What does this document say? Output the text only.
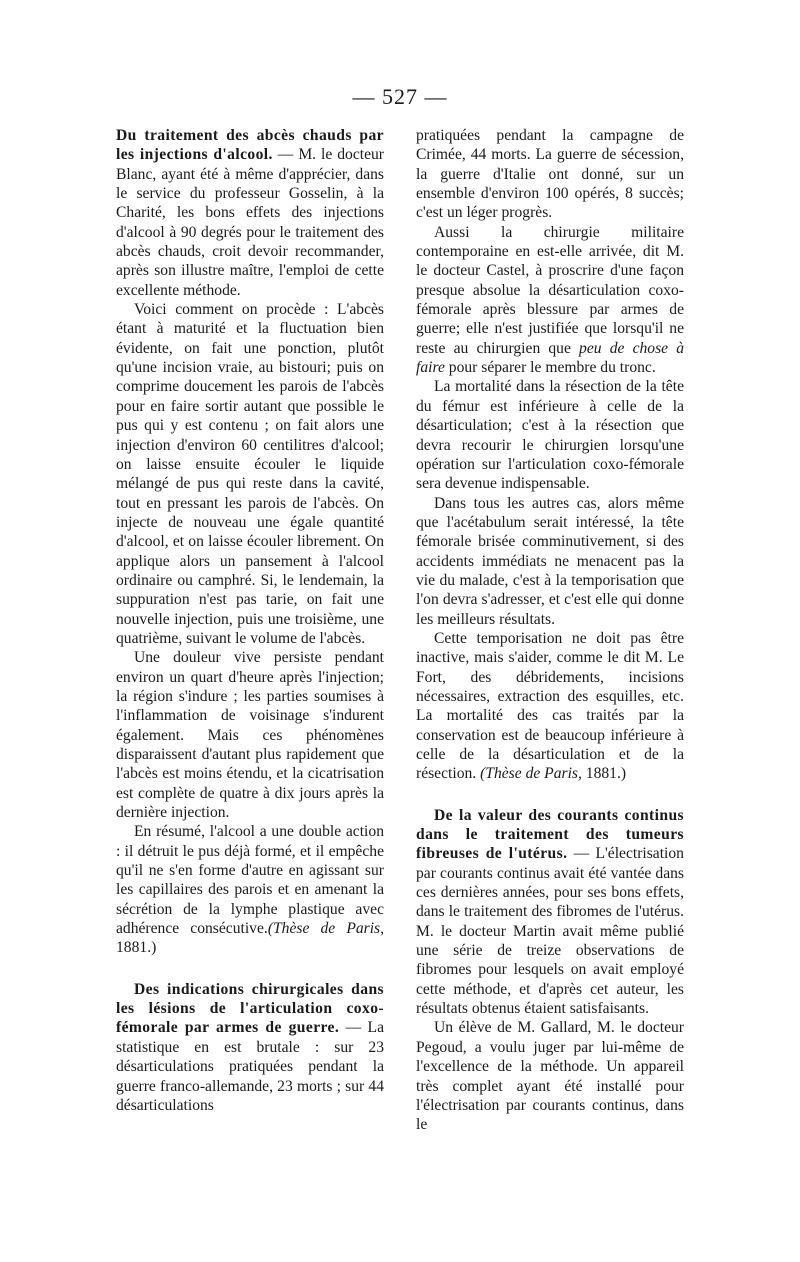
— 527 —

Du traitement des abcès chauds par les injections d'alcool. — M. le docteur Blanc, ayant été à même d'apprécier, dans le service du professeur Gosselin, à la Charité, les bons effets des injections d'alcool à 90 degrés pour le traitement des abcès chauds, croit devoir recommander, après son illustre maître, l'emploi de cette excellente méthode.

Voici comment on procède : L'abcès étant à maturité et la fluctuation bien évidente, on fait une ponction, plutôt qu'une incision vraie, au bistouri; puis on comprime doucement les parois de l'abcès pour en faire sortir autant que possible le pus qui y est contenu ; on fait alors une injection d'environ 60 centilitres d'alcool; on laisse ensuite écouler le liquide mélangé de pus qui reste dans la cavité, tout en pressant les parois de l'abcès. On injecte de nouveau une égale quantité d'alcool, et on laisse écouler librement. On applique alors un pansement à l'alcool ordinaire ou camphré. Si, le lendemain, la suppuration n'est pas tarie, on fait une nouvelle injection, puis une troisième, une quatrième, suivant le volume de l'abcès.

Une douleur vive persiste pendant environ un quart d'heure après l'injection; la région s'indure ; les parties soumises à l'inflammation de voisinage s'indurent également. Mais ces phénomènes disparaissent d'autant plus rapidement que l'abcès est moins étendu, et la cicatrisation est complète de quatre à dix jours après la dernière injection.

En résumé, l'alcool a une double action : il détruit le pus déjà formé, et il empêche qu'il ne s'en forme d'autre en agissant sur les capillaires des parois et en amenant la sécrétion de la lymphe plastique avec adhérence consécutive.(Thèse de Paris, 1881.)

Des indications chirurgicales dans les lésions de l'articulation coxo-fémorale par armes de guerre. — La statistique en est brutale : sur 23 désarticulations pratiquées pendant la guerre franco-allemande, 23 morts ; sur 44 désarticulations

pratiquées pendant la campagne de Crimée, 44 morts. La guerre de sécession, la guerre d'Italie ont donné, sur un ensemble d'environ 100 opérés, 8 succès; c'est un léger progrès.

Aussi la chirurgie militaire contemporaine en est-elle arrivée, dit M. le docteur Castel, à proscrire d'une façon presque absolue la désarticulation coxo-fémorale après blessure par armes de guerre; elle n'est justifiée que lorsqu'il ne reste au chirurgien que peu de chose à faire pour séparer le membre du tronc.

La mortalité dans la résection de la tête du fémur est inférieure à celle de la désarticulation; c'est à la résection que devra recourir le chirurgien lorsqu'une opération sur l'articulation coxo-fémorale sera devenue indispensable.

Dans tous les autres cas, alors même que l'acétabulum serait intéressé, la tête fémorale brisée comminutivement, si des accidents immédiats ne menacent pas la vie du malade, c'est à la temporisation que l'on devra s'adresser, et c'est elle qui donne les meilleurs résultats.

Cette temporisation ne doit pas être inactive, mais s'aider, comme le dit M. Le Fort, des débridements, incisions nécessaires, extraction des esquilles, etc. La mortalité des cas traités par la conservation est de beaucoup inférieure à celle de la désarticulation et de la résection. (Thèse de Paris, 1881.)

De la valeur des courants continus dans le traitement des tumeurs fibreuses de l'utérus. — L'électrisation par courants continus avait été vantée dans ces dernières années, pour ses bons effets, dans le traitement des fibromes de l'utérus. M. le docteur Martin avait même publié une série de treize observations de fibromes pour lesquels on avait employé cette méthode, et d'après cet auteur, les résultats obtenus étaient satisfaisants.

Un élève de M. Gallard, M. le docteur Pegoud, a voulu juger par lui-même de l'excellence de la méthode. Un appareil très complet ayant été installé pour l'électrisation par courants continus, dans le
